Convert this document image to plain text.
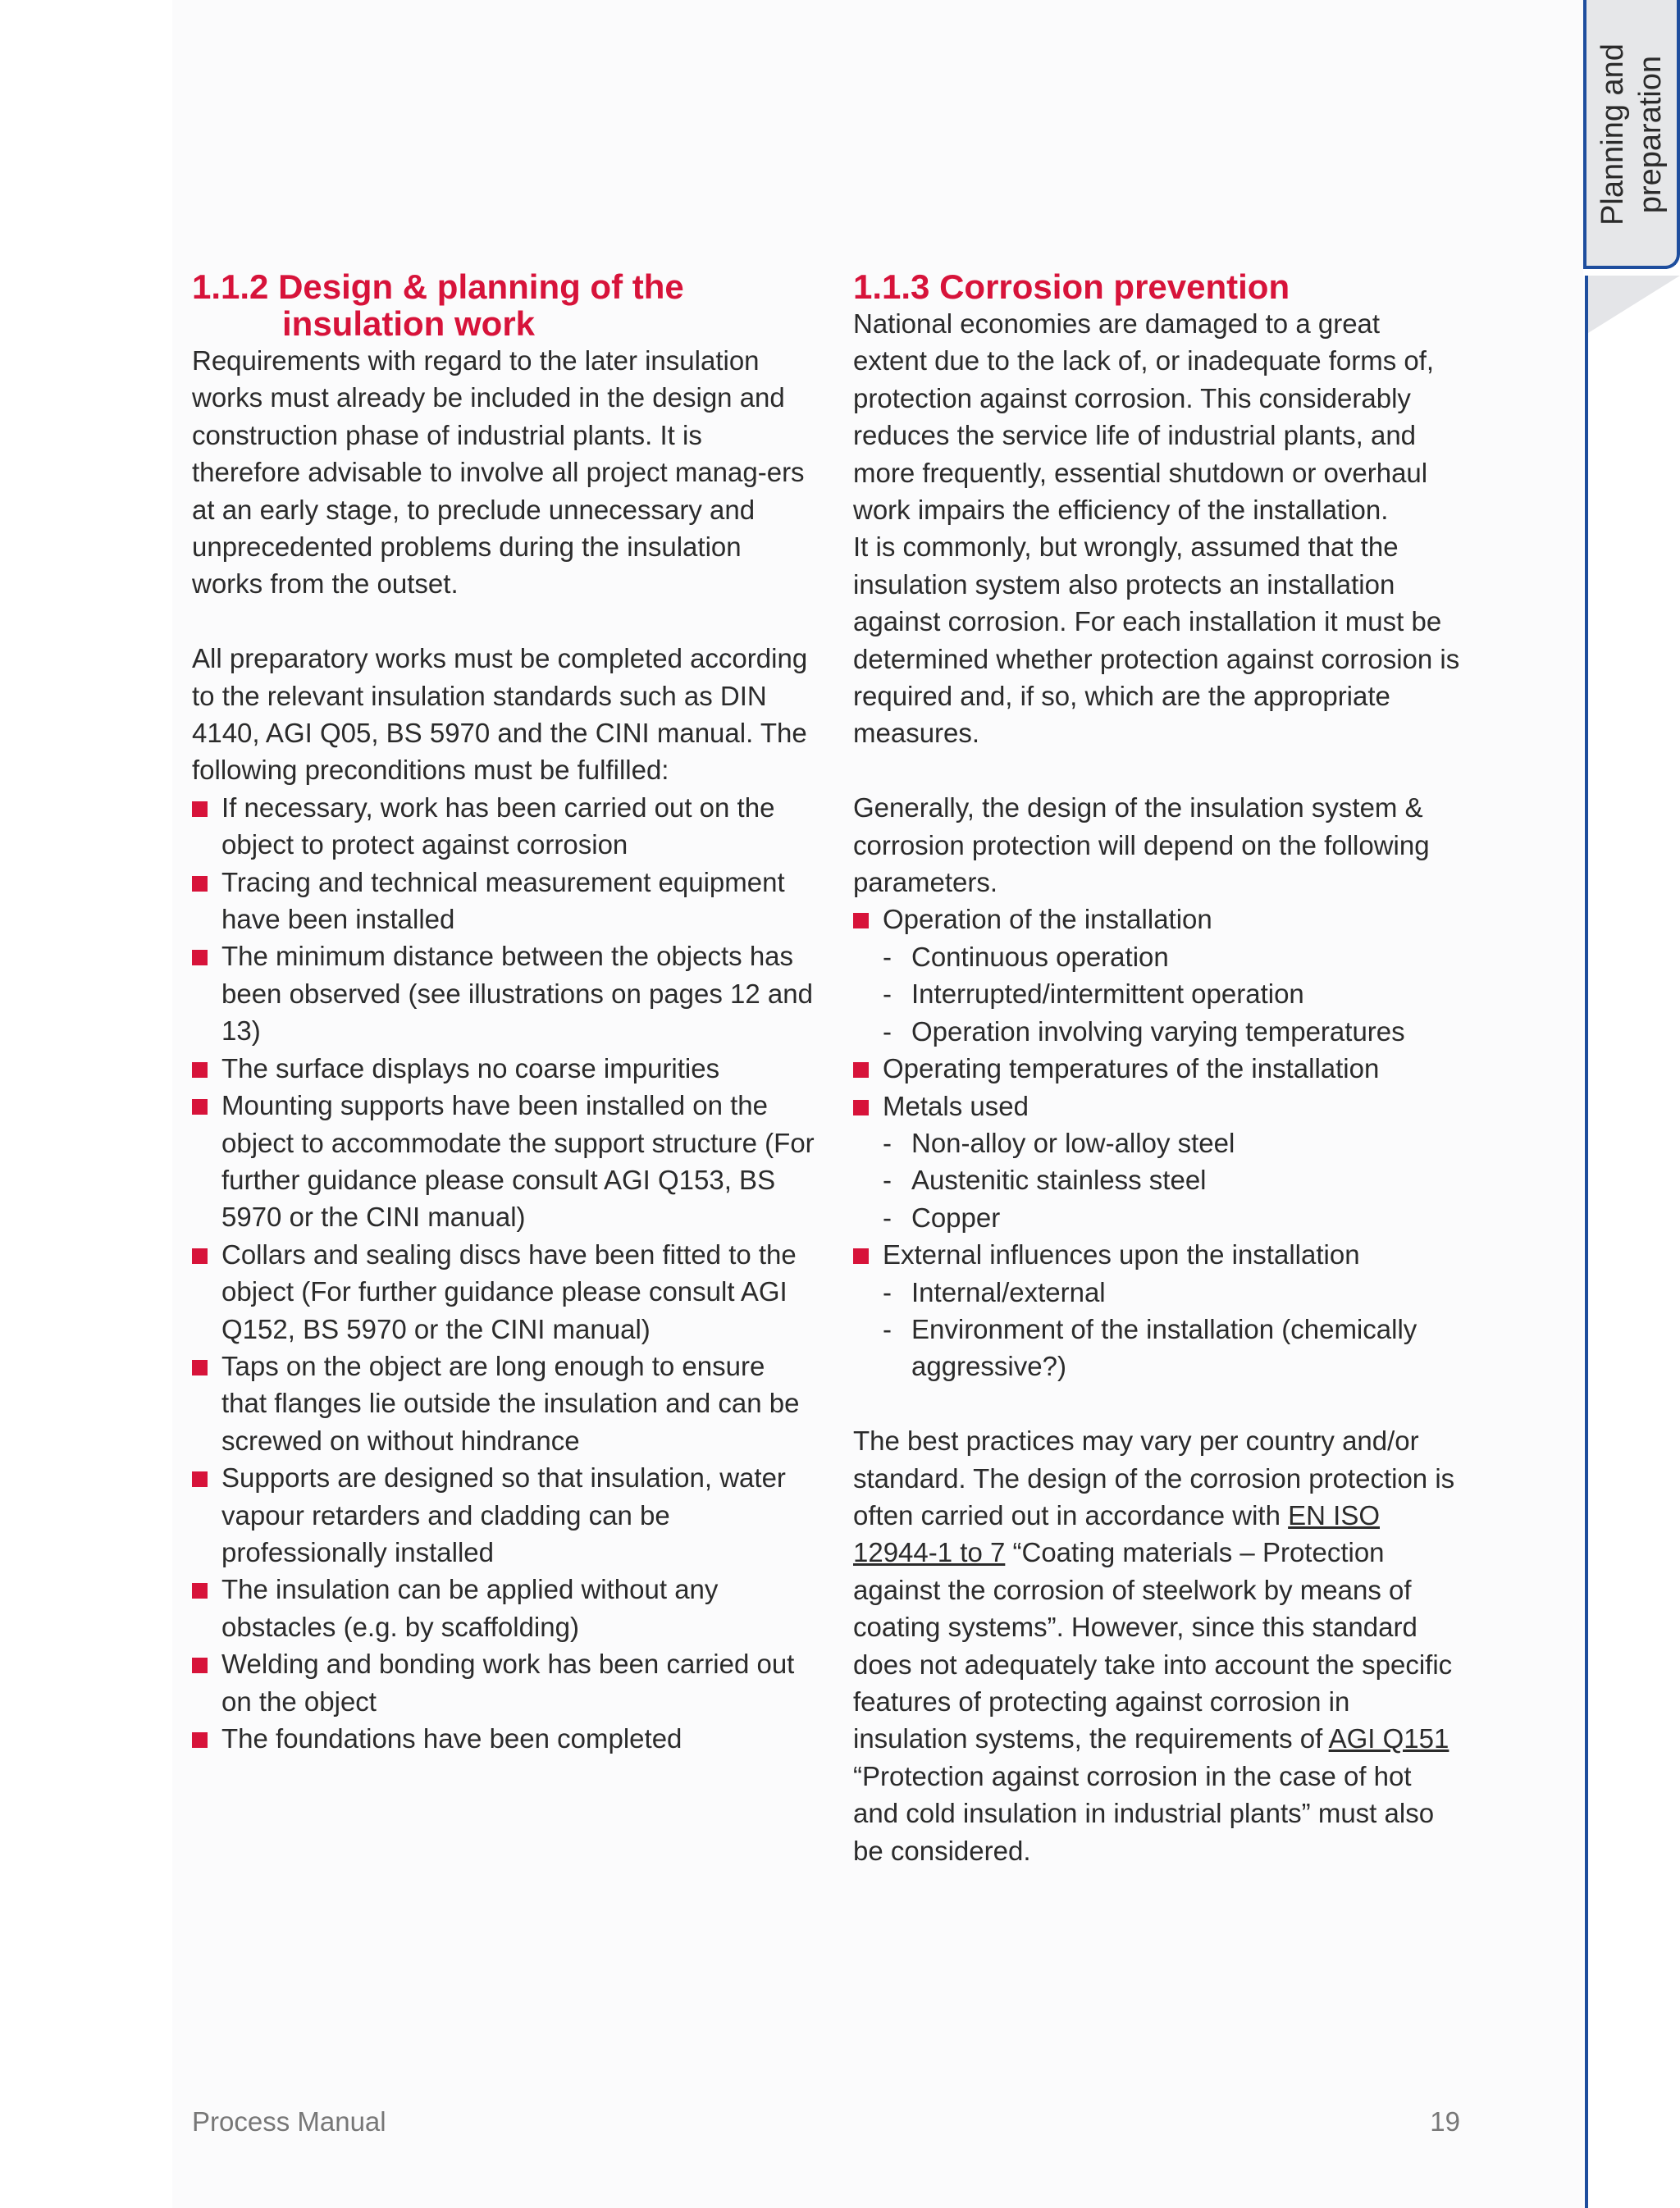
Planning and preparation
1.1.2 Design & planning of the
insulation work

Requirements with regard to the later insulation works must already be included in the design and construction phase of industrial plants. It is therefore advisable to involve all project manag-ers at an early stage, to preclude unnecessary and unprecedented problems during the insulation works from the outset.

All preparatory works must be completed according to the relevant insulation standards such as DIN 4140, AGI Q05, BS 5970 and the CINI manual. The following preconditions must be fulfilled:

If necessary, work has been carried out on the object to protect against corrosion
Tracing and technical measurement equipment have been installed
The minimum distance between the objects has been observed (see illustrations on pages 12 and 13)
The surface displays no coarse impurities
Mounting supports have been installed on the object to accommodate the support structure (For further guidance please consult AGI Q153, BS 5970 or the CINI manual)
Collars and sealing discs have been fitted to the object (For further guidance please consult AGI Q152, BS 5970 or the CINI manual)
Taps on the object are long enough to ensure that flanges lie outside the insulation and can be screwed on without hindrance
Supports are designed so that insulation, water vapour retarders and cladding can be professionally installed
The insulation can be applied without any obstacles (e.g. by scaffolding)
Welding and bonding work has been carried out on the object
The foundations have been completed
1.1.3 Corrosion prevention

National economies are damaged to a great extent due to the lack of, or inadequate forms of, protection against corrosion. This considerably reduces the service life of industrial plants, and more frequently, essential shutdown or overhaul work impairs the efficiency of the installation.

It is commonly, but wrongly, assumed that the insulation system also protects an installation against corrosion. For each installation it must be determined whether protection against corrosion is required and, if so, which are the appropriate measures.

Generally, the design of the insulation system & corrosion protection will depend on the following parameters.

Operation of the installation
- Continuous operation
- Interrupted/intermittent operation
- Operation involving varying temperatures
Operating temperatures of the installation
Metals used
- Non-alloy or low-alloy steel
- Austenitic stainless steel
- Copper
External influences upon the installation
- Internal/external
- Environment of the installation (chemically aggressive?)

The best practices may vary per country and/or standard. The design of the corrosion protection is often carried out in accordance with EN ISO 12944-1 to 7 “Coating materials – Protection against the corrosion of steelwork by means of coating systems”. However, since this standard does not adequately take into account the specific features of protecting against corrosion in insulation systems, the requirements of AGI Q151 “Protection against corrosion in the case of hot and cold insulation in industrial plants” must also be considered.

Process Manual	19
